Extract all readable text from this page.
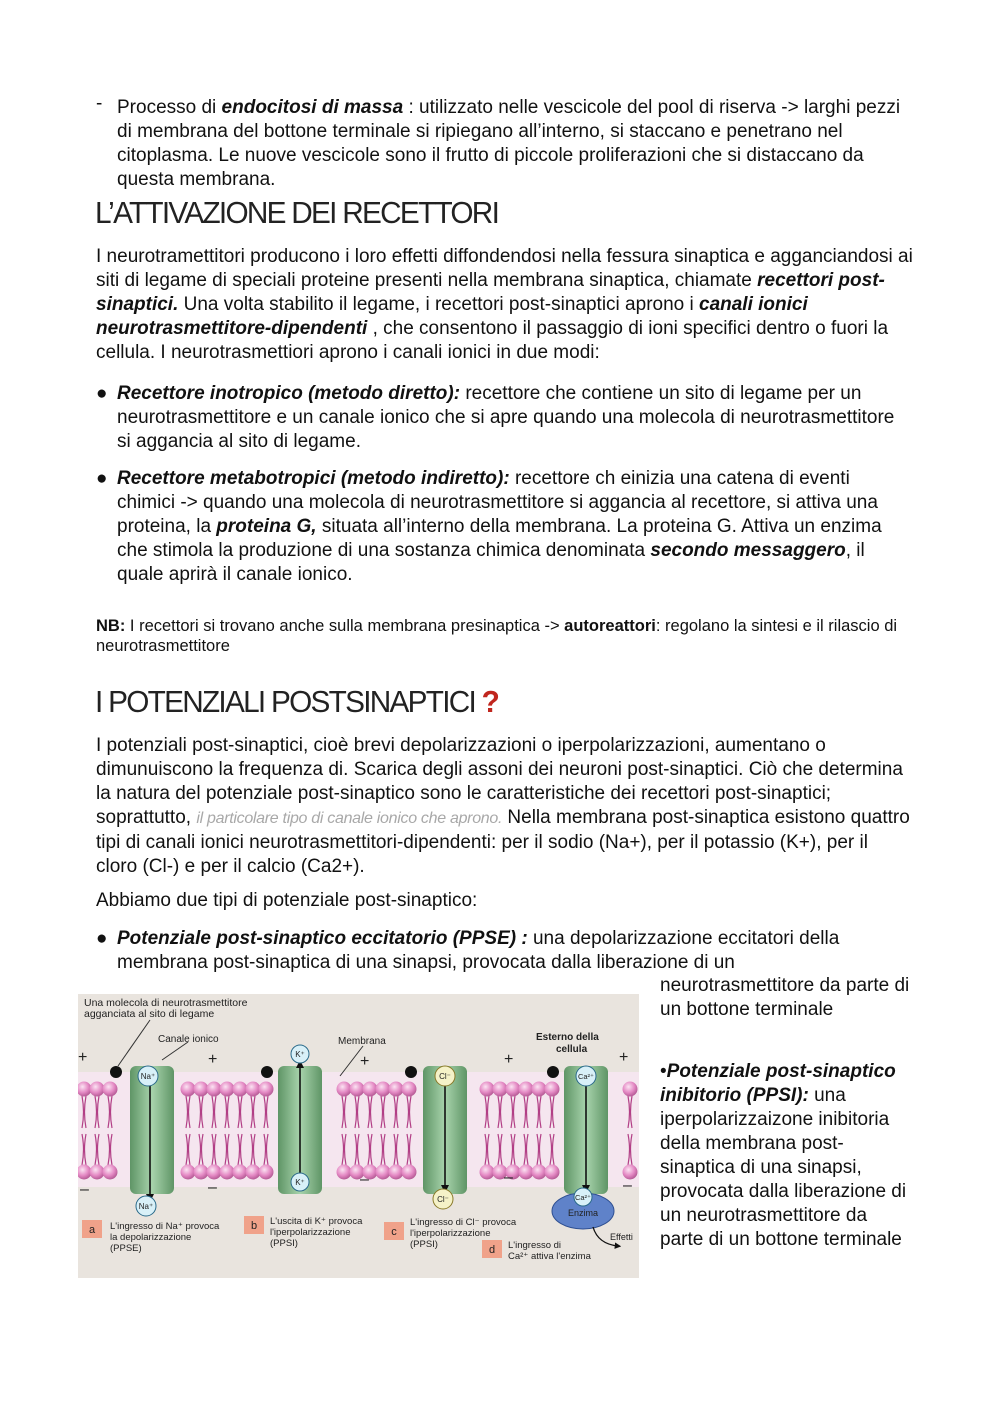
- Processo di endocitosi di massa : utilizzato nelle vescicole del pool di riserva -> larghi pezzi di membrana del bottone terminale si ripiegano all’interno, si staccano e penetrano nel citoplasma. Le nuove vescicole sono il frutto di piccole proliferazioni che si distaccano da questa membrana.

L’ATTIVAZIONE DEI RECETTORI

I neurotramettitori producono i loro effetti diffondendosi nella fessura sinaptica e agganciandosi ai siti di legame di speciali proteine presenti nella membrana sinaptica, chiamate recettori post-sinaptici. Una volta stabilito il legame, i recettori post-sinaptici aprono i canali ionici neurotrasmettitore-dipendenti , che consentono il passaggio di ioni specifici dentro o fuori la cellula. I neurotrasmettiori aprono i canali ionici in due modi:

● Recettore inotropico (metodo diretto): recettore che contiene un sito di legame per un neurotrasmettitore e un canale ionico che si apre quando una molecola di neurotrasmettitore si aggancia al sito di legame.

● Recettore metabotropici (metodo indiretto): recettore ch einizia una catena di eventi chimici -> quando una molecola di neurotrasmettitore si aggancia al recettore, si attiva una proteina, la proteina G, situata all’interno della membrana. La proteina G. Attiva un enzima che stimola la produzione di una sostanza chimica denominata secondo messaggero, il quale aprirà il canale ionico.

NB: I recettori si trovano anche sulla membrana presinaptica -> autoreattori: regolano la sintesi e il rilascio di neurotrasmettitore

I POTENZIALI POSTSINAPTICI ?

I potenziali post-sinaptici, cioè brevi depolarizzazioni o iperpolarizzazioni, aumentano o dimunuiscono la frequenza di. Scarica degli assoni dei neuroni post-sinaptici. Ciò che determina la natura del potenziale post-sinaptico sono le caratteristiche dei recettori post-sinaptici; soprattutto, il particolare tipo di canale ionico che aprono. Nella membrana post-sinaptica esistono quattro tipi di canali ionici neurotrasmettitori-dipendenti: per il sodio (Na+), per il potassio (K+), per il cloro (Cl-) e per il calcio (Ca2+).

Abbiamo due tipi di potenziale post-sinaptico:

● Potenziale post-sinaptico eccitatorio (PPSE) : una depolarizzazione eccitatori della membrana post-sinaptica di una sinapsi, provocata dalla liberazione di un

neurotrasmettitore da parte di un bottone terminale

•Potenziale post-sinaptico inibitorio (PPSI): una iperpolarizzaizone inibitoria della membrana post-sinaptica di una sinapsi, provocata dalla liberazione di un neurotrasmettitore da parte di un bottone terminale

Na⁺
Na⁺
K⁺
K⁺
Cl⁻
Cl⁻
Ca²⁺
Ca²⁺
Enzima
Effetti
Una molecola di neurotrasmettitore
agganciata al sito di legame
Canale ionico	Membrana	Esterno della
cellula
+	+	+	+	+
–	–	–	–	–
a L'ingresso di Na⁺ provoca
la depolarizzazione
(PPSE)
b L'uscita di K⁺ provoca
l'iperpolarizzazione
(PPSI)
c
L'ingresso di Cl⁻ provoca
l'iperpolarizzazione
(PPSI)	d L'ingresso di
Ca²⁺ attiva l'enzima
